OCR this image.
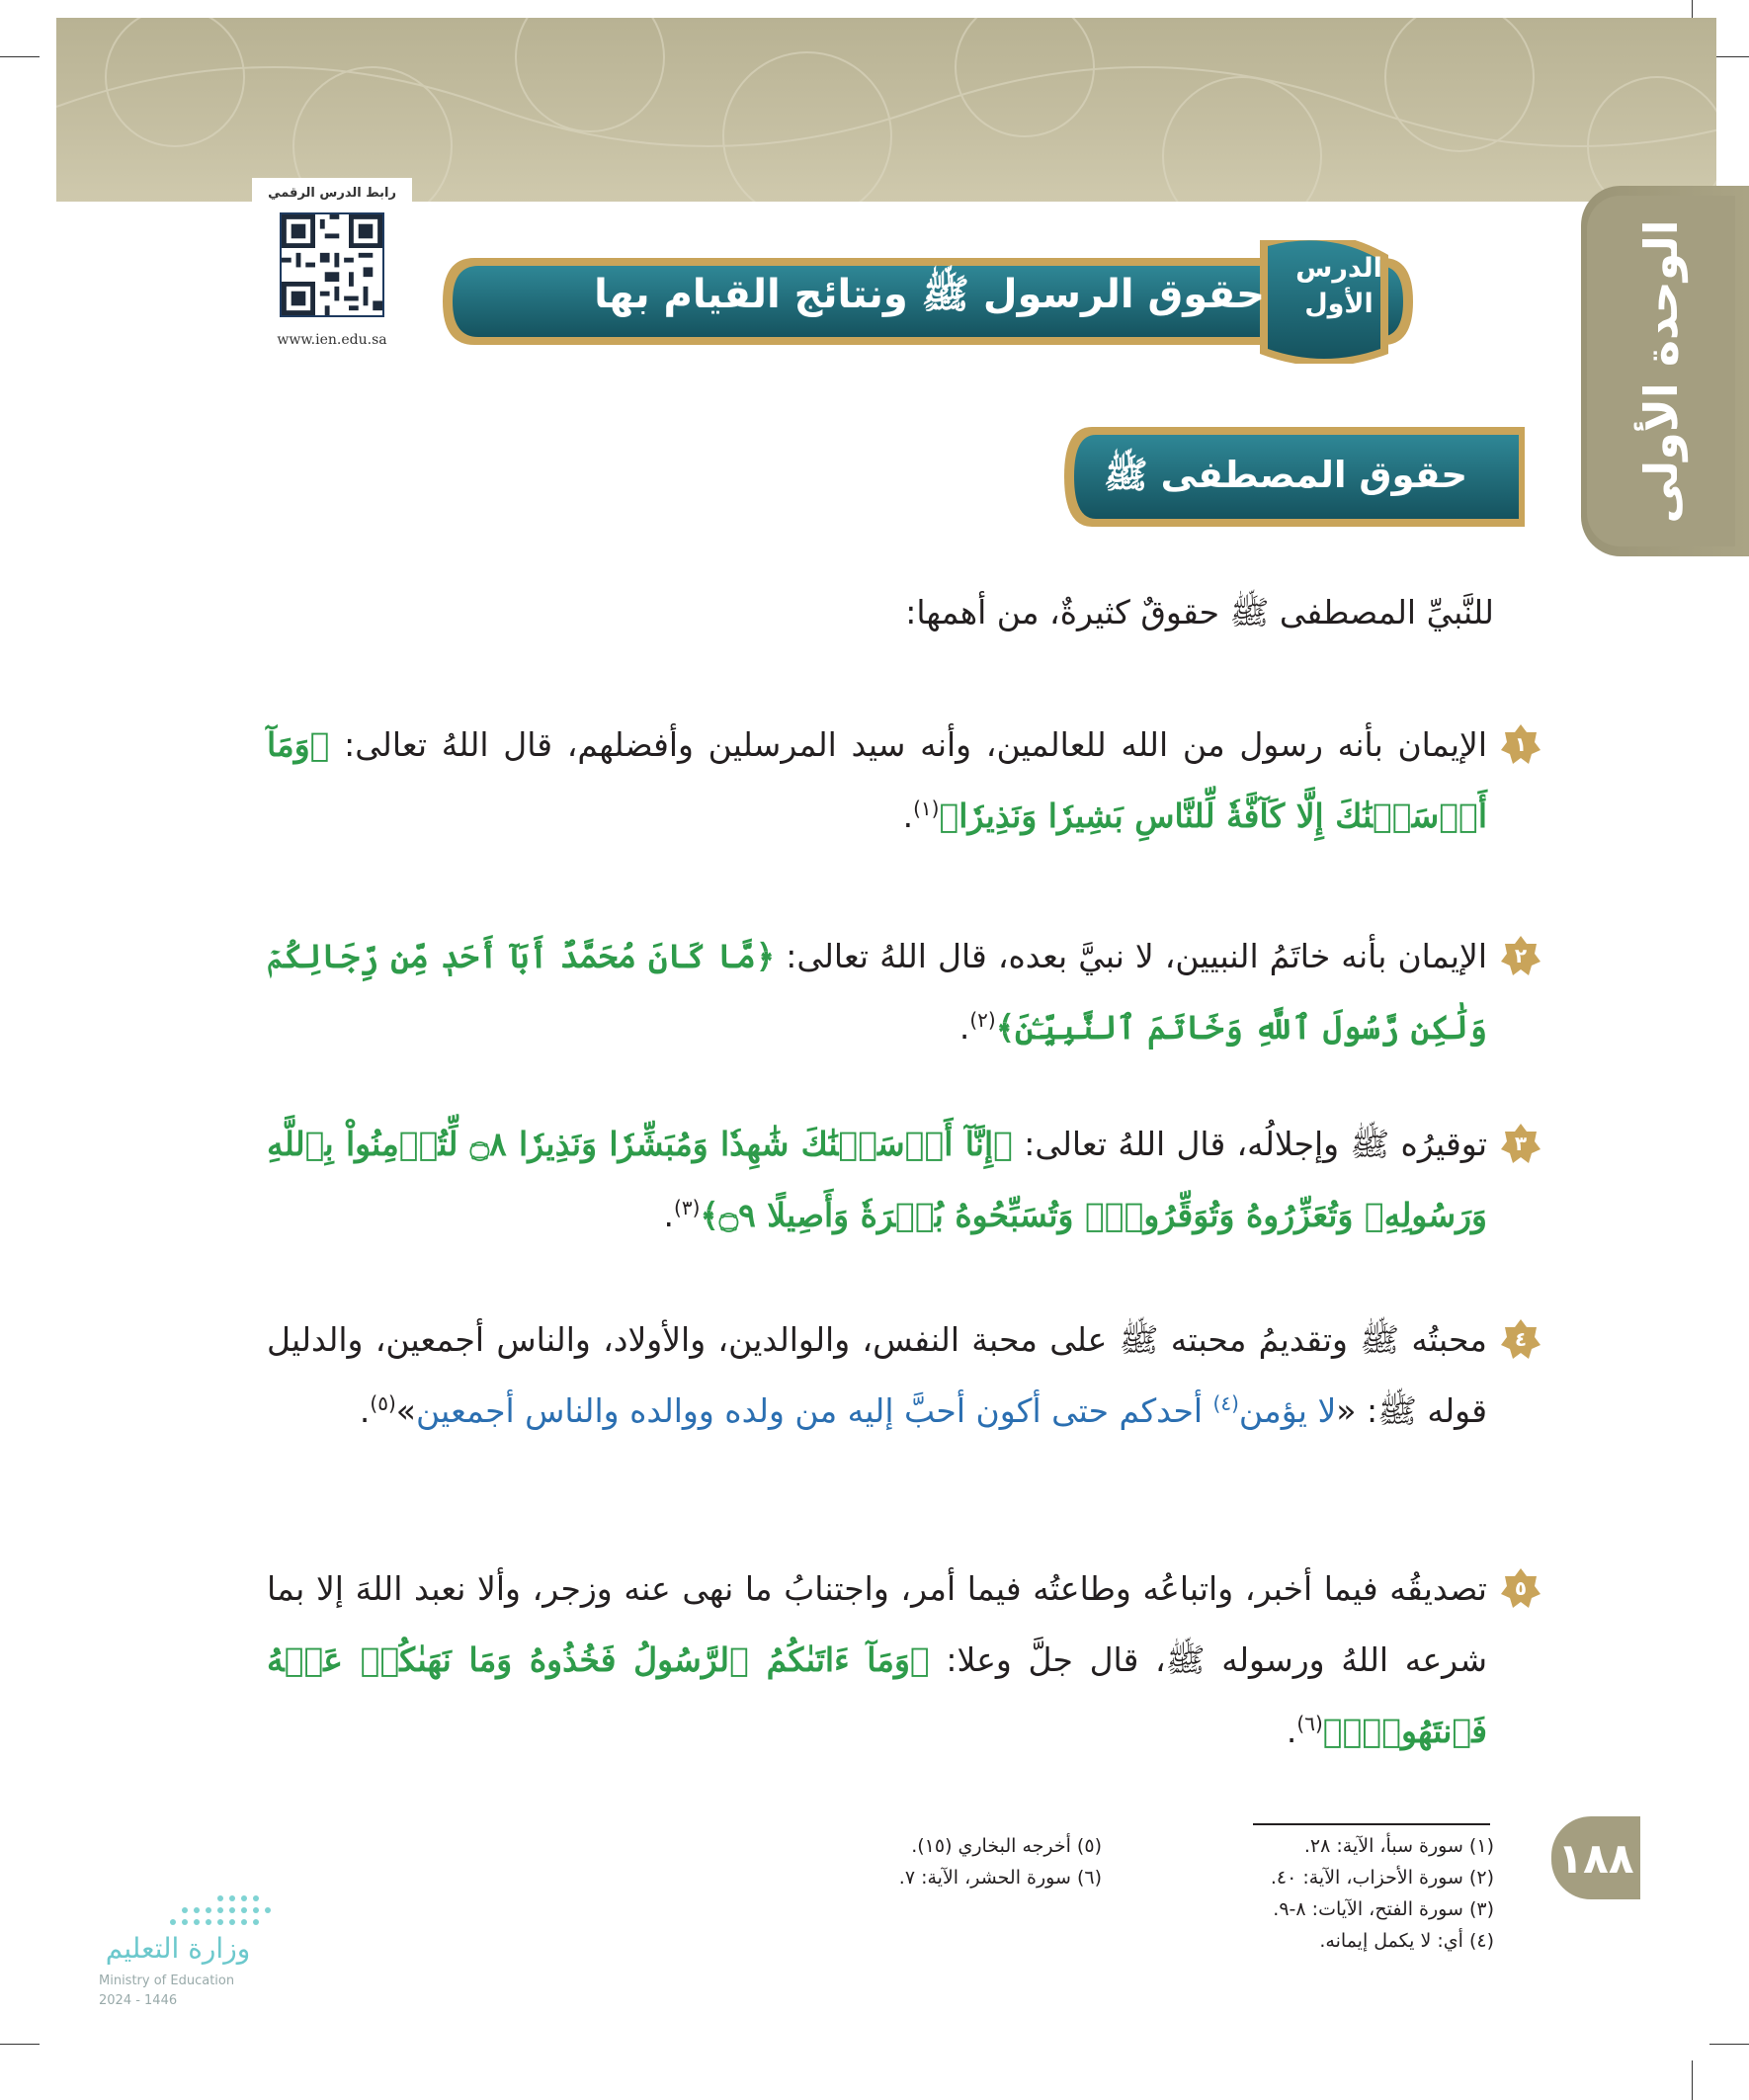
رابط الدرس الرقمي
www.ien.edu.sa	الوحدة الأولى
حقوق الرسول ﷺ ونتائج القيام بها
الدرس
الأول
حقوق المصطفى ﷺ
للنَّبيِّ المصطفى ﷺ حقوقٌ كثيرةٌ، من أهمها:
١
الإيمان بأنه رسول من الله للعالمين، وأنه سيد المرسلين وأفضلهم، قال اللهُ تعالى: ﴿وَمَآ أَرۡسَلۡنَٰكَ إِلَّا كَآفَّةٗ لِّلنَّاسِ بَشِيرٗا وَنَذِيرٗا﴾$^{(١)}$.
٢
الإيمان بأنه خاتَمُ النبيين، لا نبيَّ بعده، قال اللهُ تعالى: ﴿مَّا كَانَ مُحَمَّدٌ أَبَآ أَحَدٖ مِّن رِّجَالِكُمۡ وَلَٰكِن رَّسُولَ ٱللَّهِ وَخَاتَمَ ٱلنَّبِيِّـۧنَ﴾$^{(٢)}$.
٣
توقيرُه ﷺ وإجلالُه، قال اللهُ تعالى: ﴿إِنَّآ أَرۡسَلۡنَٰكَ شَٰهِدٗا وَمُبَشِّرٗا وَنَذِيرٗا ۝٨ لِّتُؤۡمِنُواْ بِٱللَّهِ وَرَسُولِهِۦ وَتُعَزِّرُوهُ وَتُوَقِّرُوهُۚ وَتُسَبِّحُوهُ بُكۡرَةٗ وَأَصِيلًا ۝٩﴾$^{(٣)}$.
٤
محبتُه ﷺ وتقديمُ محبته ﷺ على محبة النفس، والوالدين، والأولاد، والناس أجمعين، والدليل قوله ﷺ: «لا يؤمن$^{(٤)}$ أحدكم حتى أكون أحبَّ إليه من ولده ووالده والناس أجمعين»$^{(٥)}$.
٥
تصديقُه فيما أخبر، واتباعُه وطاعتُه فيما أمر، واجتنابُ ما نهى عنه وزجر، وألا نعبد اللهَ إلا بما شرعه اللهُ ورسوله ﷺ، قال جلَّ وعلا: ﴿وَمَآ ءَاتَىٰكُمُ ٱلرَّسُولُ فَخُذُوهُ وَمَا نَهَىٰكُمۡ عَنۡهُ فَٱنتَهُواْۚ﴾$^{(٦)}$.
(١) سورة سبأ، الآية: ٢٨.
(٢) سورة الأحزاب، الآية: ٤٠.
(٣) سورة الفتح، الآيات: ٨-٩.
(٤) أي: لا يكمل إيمانه.
(٥) أخرجه البخاري (١٥).
(٦) سورة الحشر، الآية: ٧.	١٨٨
وزارة التعليم
Ministry of Education
2024 - 1446
